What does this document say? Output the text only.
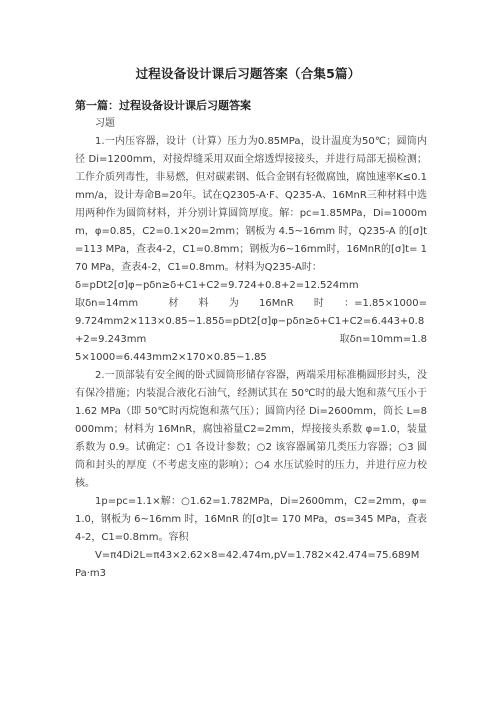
过程设备设计课后习题答案（合集5篇）
第一篇：过程设备设计课后习题答案

习题

1.一内压容器，设计（计算）压力为0.85MPa，设计温度为50℃；圆筒内径 Di=1200mm，对接焊缝采用双面全熔透焊接接头，并进行局部无损检测；工作介质列毒性，非易燃，但对碳素钢、低合金钢有轻微腐蚀，腐蚀速率K≤0.1mm/a，设计寿命B=20年。试在Q2305-A·F、Q235-A、16MnR三种材料中选用两种作为圆筒材料，并分别计算圆筒厚度。解：pc=1.85MPa，Di=1000mm，φ=0.85，C2=0.1×20=2mm；钢板为 4.5~16mm 时，Q235-A 的[σ]t=113 MPa，查表4-2，C1=0.8mm；钢板为6~16mm时，16MnR的[σ]t= 170 MPa，查表4-2，C1=0.8mm。材料为Q235-A时：

δ=pDt2[σ]φ−pδn≥δ+C1+C2=9.724+0.8+2=12.524mm　　　　　　取δn=14mm　　　材　　料　　为　　16MnR　　时　　：=1.85×1000=9.724mm2×113×0.85−1.85δ=pDt2[σ]φ−pδn≥δ+C1+C2=6.443+0.8+2=9.243mm　　　　　　　　　　　　　　　　　　　取δn=10mm=1.85×1000=6.443mm2×170×0.85−1.85

2.一顶部装有安全阀的卧式圆筒形储存容器，两端采用标准椭圆形封头，没有保冷措施；内装混合液化石油气，经测试其在 50℃时的最大饱和蒸气压小于 1.62 MPa（即 50℃时丙烷饱和蒸气压）；圆筒内径 Di=2600mm，筒长 L=8000mm；材料为 16MnR，腐蚀裕量C2=2mm，焊接接头系数 φ=1.0，装量系数为 0.9。试确定：○1 各设计参数；○2 该容器属第几类压力容器；○3 圆筒和封头的厚度（不考虑支座的影响）；○4 水压试验时的压力，并进行应力校核。

1p=pc=1.1×解：○1.62=1.782MPa，Di=2600mm，C2=2mm，φ=1.0，钢板为 6~16mm 时，16MnR 的[σ]t= 170 MPa，σs=345 MPa，查表4-2，C1=0.8mm。容积

V=π4Di2L=π43×2.62×8=42.474m,pV=1.782×42.474=75.689M Pa·m3
